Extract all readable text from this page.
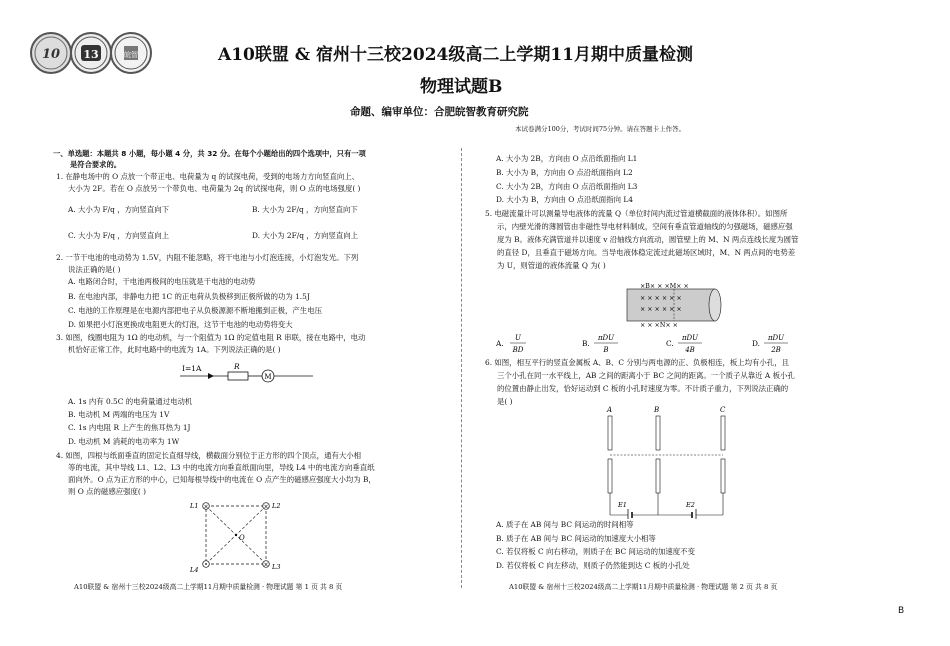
10 13	皖智	A10联盟 & 宿州十三校2024级高二上学期11月期中质量检测
物理试题B
命题、编审单位：合肥皖智教育研究院
本试卷满分100分，考试时间75分钟。请在答题卡上作答。
一、单选题：本题共 8 小题，每小题 4 分，共 32 分。在每个小题给出的四个选项中，只有一项
是符合要求的。
1. 在静电场中的 O 点放一个带正电、电荷量为 q 的试探电荷，受到的电场力方向竖直向上、
大小为 2F。若在 O 点放另一个带负电、电荷量为 2q 的试探电荷，则 O 点的电场强度( )
A. 大小为 F/q ，方向竖直向下	B. 大小为 2F/q ，方向竖直向下
C. 大小为 F/q ，方向竖直向上	D. 大小为 2F/q ，方向竖直向上
2. 一节干电池的电动势为 1.5V，内阻不能忽略，将干电池与小灯泡连接，小灯泡发光。下列
说法正确的是( )
A. 电路闭合时，干电池两极间的电压就是干电池的电动势
B. 在电池内部，非静电力把 1C 的正电荷从负极移到正极所做的功为 1.5J
C. 电池的工作原理是在电源内部把电子从负极源源不断地搬到正极，产生电压
D. 如果把小灯泡更换成电阻更大的灯泡，这节干电池的电动势将变大
3. 如图，线圈电阻为 1Ω 的电动机，与一个阻值为 1Ω 的定值电阻 R 串联，接在电路中，电动
机恰好正常工作，此时电路中的电流为 1A。下列说法正确的是( )
I=1A	R
M
A. 1s 内有 0.5C 的电荷量通过电动机
B. 电动机 M 两端的电压为 1V
C. 1s 内电阻 R 上产生的焦耳热为 1J
D. 电动机 M 消耗的电功率为 1W
4. 如图，四根与纸面垂直的固定长直细导线，横截面分别位于正方形的四个顶点，通有大小相
等的电流，其中导线 L1、L2、L3 中的电流方向垂直纸面向里，导线 L4 中的电流方向垂直纸
面向外。O 点为正方形的中心，已知每根导线中的电流在 O 点产生的磁感应强度大小均为 B，
则 O 点的磁感应强度( )
×	×
×
L1	L2
L3
L4
O
A10联盟 & 宿州十三校2024级高二上学期11月期中质量检测 · 物理试题 第 1 页 共 8 页
A. 大小为 2B，方向由 O 点沿纸面指向 L1
B. 大小为 B，方向由 O 点沿纸面指向 L2
C. 大小为 2B，方向由 O 点沿纸面指向 L3
D. 大小为 B，方向由 O 点沿纸面指向 L4
5. 电磁流量计可以测量导电液体的流量 Q（单位时间内流过管道横截面的液体体积）。如图所
示，内壁光滑的薄圆管由非磁性导电材料制成，空间有垂直管道轴线的匀强磁场，磁感应强
度为 B。液体充满管道并以速度 v 沿轴线方向流动，圆管壁上的 M、N 两点连线长度为圆管
的直径 D，且垂直于磁场方向。当导电液体稳定流过此磁场区域时，M、N 两点间的电势差
为 U，则管道的液体流量 Q 为( )
×B× × ×M× ×
× × × × × ×
× × × × × ×
× × ×N× ×
A.
U
BD
B.
πDU
B
C.
πDU
4B
D.
πDU
2B
6. 如图，相互平行的竖直金属板 A、B、C 分别与两电源的正、负极相连，板上均有小孔，且
三个小孔在同一水平线上，AB 之间的距离小于 BC 之间的距离。一个质子从靠近 A 板小孔
的位置由静止出发，恰好运动到 C 板的小孔时速度为零。不计质子重力，下列说法正确的
是( )
A	B	C
E1	E2
A. 质子在 AB 间与 BC 间运动的时间相等
B. 质子在 AB 间与 BC 间运动的加速度大小相等
C. 若仅将板 C 向右移动，则质子在 BC 间运动的加速度不变
D. 若仅将板 C 向左移动，则质子仍然能到达 C 板的小孔处
A10联盟 & 宿州十三校2024级高二上学期11月期中质量检测 · 物理试题 第 2 页 共 8 页
B
